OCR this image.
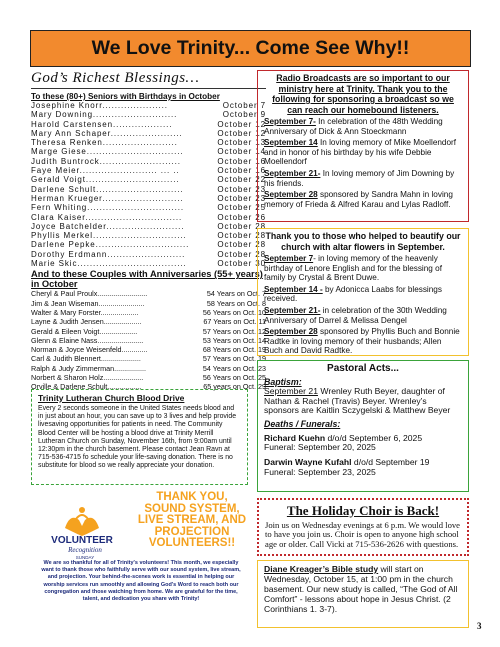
We Love Trinity... Come See Why!!
God’s Richest Blessings…
To these (80+) Seniors with Birthdays in October
Josephine Knorr.....................	October 7
Mary Downing...........................	October 9
Harold Carstensen...................	October 12
Mary Ann Schaper.......................	October 12
Theresa Renken........................	October 13
Marge Giese...............................	October 14
Judith Buntrock..........................	October 16
Faye Meier......................... ... ..	October 16
Gerald Voigt..............................	October 22
Darlene Schult............................	October 23
Herman Krueger..........................	October 23
Fern Whiting...............................	October 25
Clara Kaiser...............................	October 26
Joyce Batchelder.........................	October 28
Phyllis Merkel..............................	October 28
Darlene Pepke..............................	October 28
Dorothy Erdmann.........................	October 28
Marie Skic...................................	October 30
And to these Couples with Anniversaries (55+ years) in October
Cheryl & Paul Proulx.........................	54 Years on Oct. 7
Jim & Jean Wiseman.......................	58 Years on Oct. 8
Walter & Mary Forster...................	56 Years on Oct. 10
Layne & Judith Jensen...................	67 Years on Oct. 11
Gerald & Eileen Voigt...................	57 Years on Oct. 12
Glenn & Elaine Nass.......................	53 Years on Oct. 14
Norman & Joyce Weisenfeld.............	68 Years on Oct. 19
Carl & Judith Blennert....................	57 Years on Oct. 19
Ralph & Judy Zimmerman................	54 Years on Oct. 23
Norbert & Sharon Holz....................	56 Years on Oct. 25
Orville & Darlene Schult.................	65 years on Oct. 29
Trinity Lutheran Church Blood Drive

Every 2 seconds someone in the United States needs blood and in just about an hour, you can save up to 3 lives and help provide livesaving opportunities for patients in need. The Community Blood Center will be hosting a blood drive at Trinity Merrill Lutheran Church on Sunday, November 16th, from 9:00am until 12:30pm in the church basement. Please contact Jean Ravn at 715-536-4715 fo schedule your life-saving donation. There is no substitute for blood so we really appreciate your donation.

VOLUNTEER
Recognition
SUNDAY
THANK YOU, SOUND SYSTEM, LIVE STREAM, AND PROJECTION VOLUNTEERS!!
We are so thankful for all of Trinity's volunteers! This month, we especially want to thank those who faithfully serve with our sound system, live stream, and projection. Your behind-the-scenes work is essential in helping our worship services run smoothly and allowing God's Word to reach both our congregation and those watching from home. We are grateful for the time, talent, and dedication you share with Trinity!
Radio Broadcasts are so important to our ministry here at Trinity. Thank you to the following for sponsoring a broadcast so we can reach our homebound listeners.
September 7- In celebration of the 48th Wedding Anniversary of Dick & Ann Stoeckmann
September 14 In loving memory of Mike Moellendorf and in honor of his birthday by his wife Debbie Moellendorf
September 21- In loving memory of Jim Downing by his friends.
September 28 sponsored by Sandra Mahn in loving memory of Frieda & Alfred Karau and Lylas Radloff.
Thank you to those who helped to beautify our church with altar flowers in September.
September 7- in loving memory of the heavenly birthday of Lenore English and for the blessing of family by Crystal & Brent Duwe.
September 14 - by Adonicca Laabs for blessings received.
September 21- in celebration of the 30th Wedding Anniversary of Darrel & Melissa Dengel
September 28 sponsored by Phyllis Buch and Bonnie Radtke in loving memory of their husbands; Allen Buch and David Radtke.
Pastoral Acts...
Baptism:
September 21 Wrenley Ruth Beyer, daughter of Nathan & Rachel (Travis) Beyer. Wrenley’s sponsors are Kaitlin Sczygelski & Matthew Beyer
Deaths / Funerals:
Richard Kuehn d/o/d September 6, 2025
Funeral: September 20, 2025
Darwin Wayne Kufahl d/o/d September 19
Funeral: September 23, 2025
The Holiday Choir is Back!
Join us on Wednesday evenings at 6 p.m. We would love to have you join us. Choir is open to anyone high school age or older. Call Vicki at 715-536-2626 with questions.
Diane Kreager’s Bible study will start on Wednesday, October 15, at 1:00 pm in the church basement. Our new study is called, “The God of All Comfort” - lessons about hope in Jesus Christ. (2 Corinthians 1. 3-7).
3
